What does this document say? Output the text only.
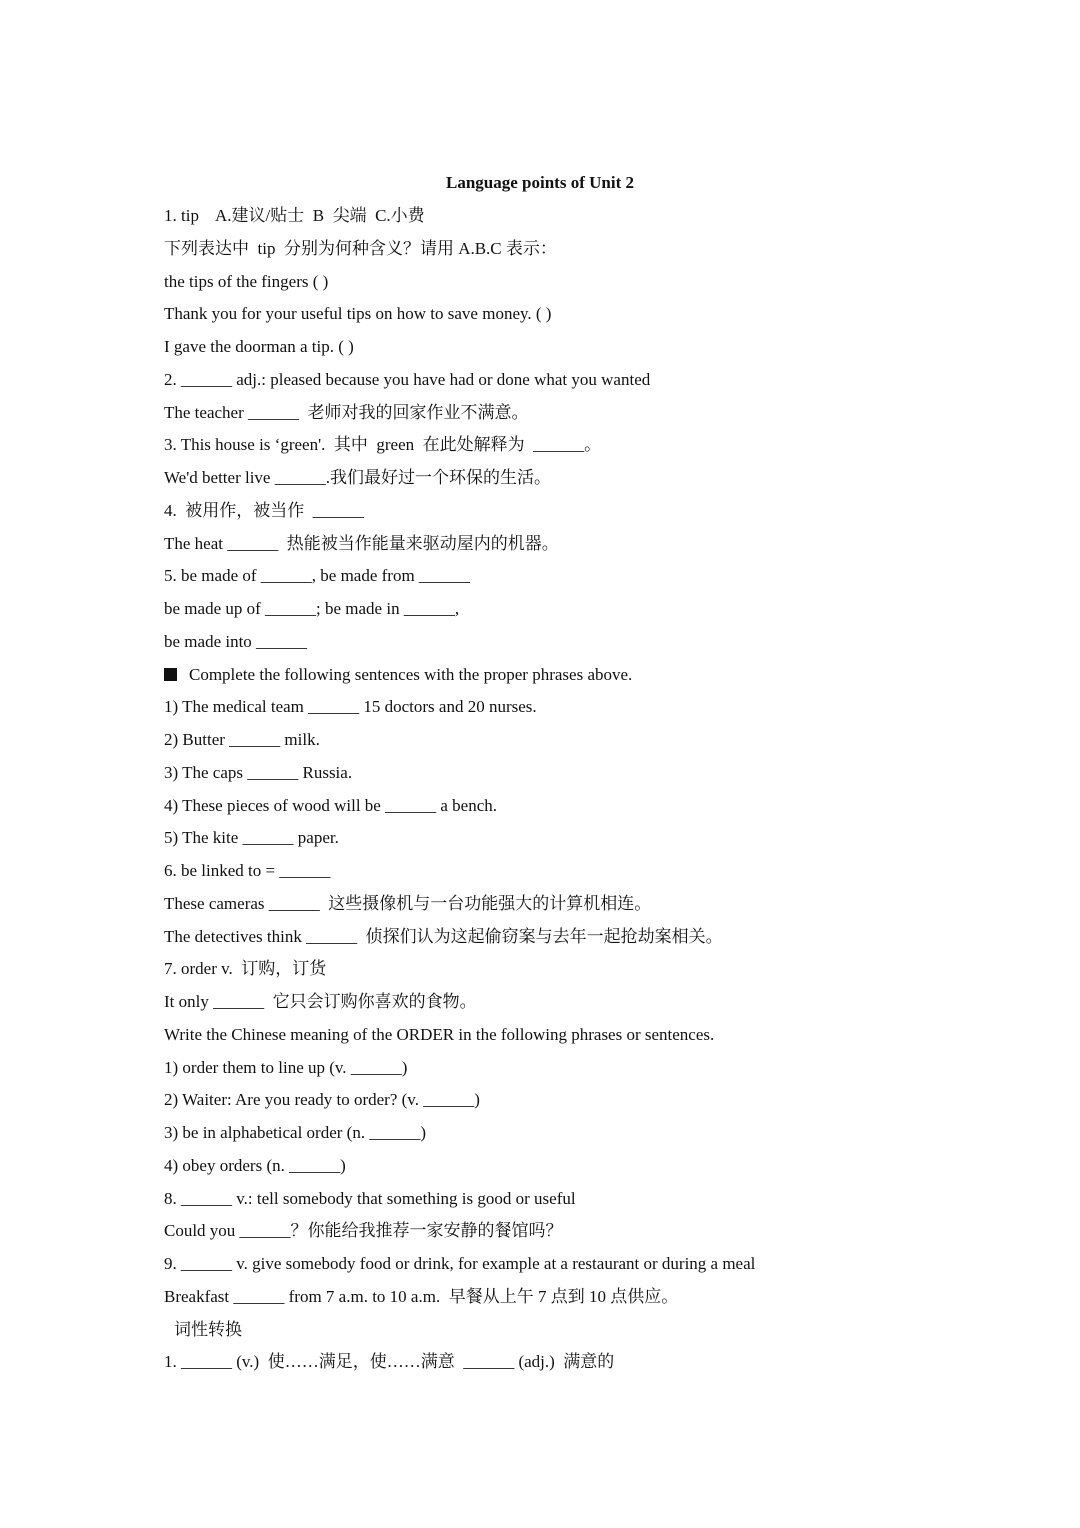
Language points of Unit 2
1. tip    A.建议/贴士  B  尖端  C.小费
下列表达中  tip  分别为何种含义？请用 A.B.C 表示：
the tips of the fingers ( )
Thank you for your useful tips on how to save money. ( )
I gave the doorman a tip. ( )
2. ______ adj.: pleased because you have had or done what you wanted
The teacher ______  老师对我的回家作业不满意。
3. This house is ‘green'.  其中  green  在此处解释为  ______。
We'd better live ______.我们最好过一个环保的生活。
4.  被用作，被当作  ______
The heat ______  热能被当作能量来驱动屋内的机器。
5. be made of ______, be made from ______
be made up of ______; be made in ______,
be made into ______
Complete the following sentences with the proper phrases above.
1) The medical team ______ 15 doctors and 20 nurses.
2) Butter ______ milk.
3) The caps ______ Russia.
4) These pieces of wood will be ______ a bench.
5) The kite ______ paper.
6. be linked to = ______
These cameras ______  这些摄像机与一台功能强大的计算机相连。
The detectives think ______  侦探们认为这起偷窃案与去年一起抢劫案相关。
7. order v.  订购，订货
It only ______  它只会订购你喜欢的食物。
Write the Chinese meaning of the ORDER in the following phrases or sentences.
1) order them to line up (v. ______)
2) Waiter: Are you ready to order? (v. ______)
3) be in alphabetical order (n. ______)
4) obey orders (n. ______)
8. ______ v.: tell somebody that something is good or useful
Could you ______？你能给我推荐一家安静的餐馆吗？
9. ______ v. give somebody food or drink, for example at a restaurant or during a meal
Breakfast ______ from 7 a.m. to 10 a.m.  早餐从上午 7 点到 10 点供应。
词性转换
1. ______ (v.)  使……满足，使……满意  ______ (adj.)  满意的
